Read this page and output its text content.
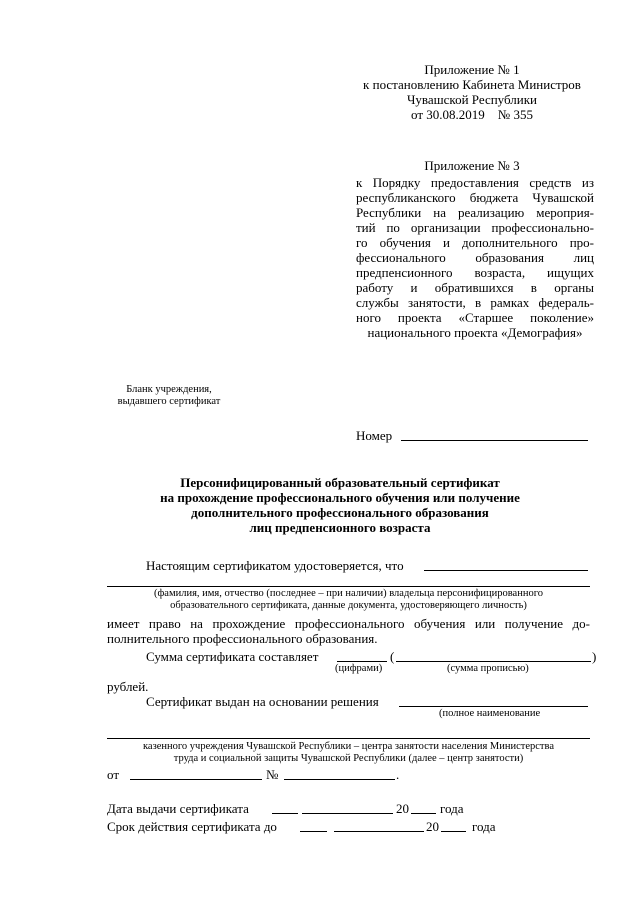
Приложение № 1
к постановлению Кабинета Министров
Чувашской Республики
от 30.08.2019    № 355
Приложение № 3
к Порядку предоставления средств из
республиканского бюджета Чувашской
Республики на реализацию мероприя-
тий по организации профессионально-
го обучения и дополнительного про-
фессионального образования лиц
предпенсионного возраста, ищущих
работу и обратившихся в органы
службы занятости, в рамках федераль-
ного проекта «Старшее поколение»
национального проекта «Демография»
Бланк учреждения,
выдавшего сертификат
Номер
Персонифицированный образовательный сертификат
на прохождение профессионального обучения или получение
дополнительного профессионального образования
лиц предпенсионного возраста
Настоящим сертификатом удостоверяется, что
(фамилия, имя, отчество (последнее – при наличии) владельца персонифицированного
образовательного сертификата, данные документа, удостоверяющего личность)
имеет право на прохождение профессионального обучения или получение до-
полнительного профессионального образования.
Сумма сертификата составляет	(	)
(цифрами)	(сумма прописью)
рублей.
Сертификат выдан на основании решения
(полное наименование
казенного учреждения Чувашской Республики – центра занятости населения Министерства
труда и социальной защиты Чувашской Республики (далее – центр занятости)
от	№	.
Дата выдачи сертификата	20 года
Срок действия сертификата до	20	года
